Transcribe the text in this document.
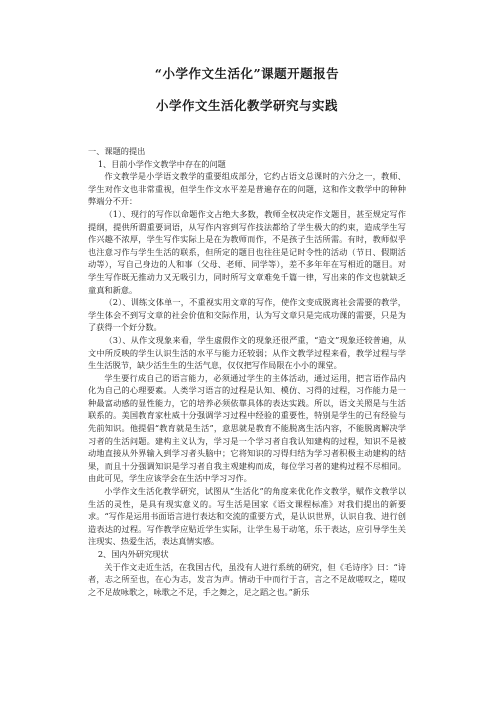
“小学作文生活化”课题开题报告
小学作文生活化教学研究与实践

一、课题的提出

1、目前小学作文教学中存在的问题

作文教学是小学语文教学的重要组成部分，它约占语文总课时的六分之一，教师、学生对作文也非常重视，但学生作文水平差是普遍存在的问题，这和作文教学中的种种弊端分不开：

（1）、现行的写作以命题作文占绝大多数，教师全权决定作文题目，甚至规定写作提纲，提供所谓重要词语，从写作内容到写作技法都给了学生极大的约束，造成学生写作兴趣不浓厚，学生写作实际上是在为教师而作，不是孩子生活所需。有时，教师似乎也注意习作与学生生活的联系，但所定的题目也往往是记时令性的活动（节日、假期活动等），写自己身边的人和事（父母、老师、同学等），差不多年年在写相近的题目。对学生写作既无推动力又无吸引力，同时所写文章难免千篇一律，写出来的作文也就缺乏童真和新意。

（2）、训练文体单一，不重视实用文章的写作，使作文变成脱离社会需要的教学，学生体会不到写文章的社会价值和交际作用，认为写文章只是完成功课的需要，只是为了获得一个好分数。

（3）、从作文现象来看，学生虚假作文的现象还很严重，“造文”现象还较普遍，从文中所反映的学生认识生活的水平与能力还较弱；从作文教学过程来看，教学过程与学生生活脱节，缺少活生生的生活气息，仅仅把写作局限在小小的课堂。

学生要行成自己的语言能力，必须通过学生的主体活动，通过运用，把言语作品内化为自己的心理要素。人类学习语言的过程是认知、模仿、习得的过程，习作能力是一种最富动感的显性能力，它的培养必须依靠具体的表达实践。所以，语文关照是与生活联系的。美国教育家杜威十分强调学习过程中经验的重要性，特别是学生的已有经验与先前知识。他提倡“教育就是生活”，意思就是教育不能脱离生活内容，不能脱离解决学习者的生活问题。建构主义认为，学习是一个学习者自我认知建构的过程，知识不是被动地直接从外界输入到学习者头脑中；它将知识的习得归结为学习者积极主动建构的结果，而且十分强调知识是学习者自我主观建构而成，每位学习者的建构过程不尽相同。由此可见，学生应该学会在生活中学习习作。

小学作文生活化教学研究，试图从“生活化”的角度来优化作文教学，赋作文教学以生活的灵性，是具有现实意义的。写生活是国家《语文课程标准》对我们提出的新要求。“写作是运用书面语言进行表达和交流的重要方式，是认识世界，认识自我、进行创造表达的过程。写作教学应贴近学生实际，让学生易于动笔，乐于表达，应引导学生关注现实、热爱生活，表达真情实感。

2、国内外研究现状

关于作文走近生活，在我国古代，虽没有人进行系统的研究，但《毛诗序》曰：“诗者，志之所至也，在心为志，发言为声。情动于中而行于言，言之不足故嗟叹之，嗟叹之不足故咏歌之，咏歌之不足，手之舞之，足之蹈之也。”新乐
